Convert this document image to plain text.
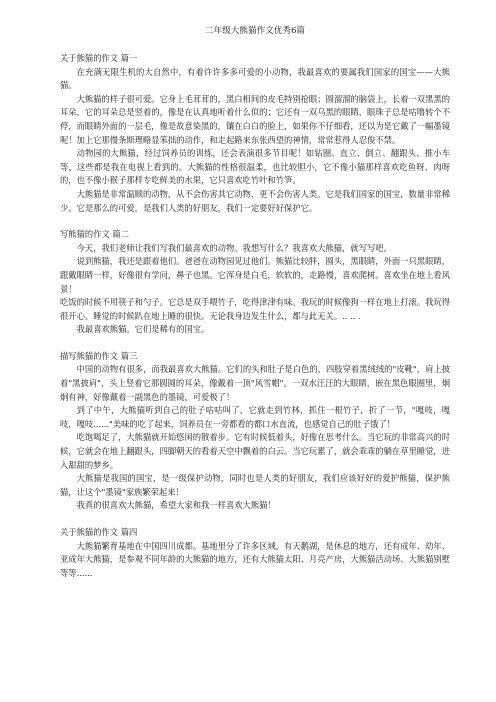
二年级大熊猫作文优秀6篇

关于熊猫的作文 篇一

在充满无限生机的大自然中，有着许许多多可爱的小动物，我最喜欢的要属我们国家的国宝——大熊猫。

大熊猫的样子很可爱。它身上毛茸茸的，黑白相间的皮毛特别抢眼；圆溜溜的脑袋上，长着一双黑黑的耳朵，它的耳朵总是竖着的，像是在认真地听着什么似的；它还有一双乌黑的眼睛，眼珠子总是咕噜转个不停，而眼睛外面的一层毛，像是故意染黑的，镶在白白的脸上，如果你不仔细看，还以为是它戴了一幅墨镜呢！加上它那慢条斯理略显笨拙的动作，和走起路来东张西望的神情，常常惹得人忍俊不禁。

动物园的大熊猫，经过饲养员的训练，还会表演很多节目呢！如钻圈、直立、倒立、翻跟头、推小车等，这些都是我在电视上看到的。大熊猫的性格很温柔，也比较胆小，它不像小猫那样喜欢吃鱼呀、肉呀的，也不像小猴子那样专吃鲜美的水果，它只喜欢吃竹叶和竹笋。

大熊猫是非常温顺的动物，从不会伤害其它动物，更不会伤害人类。它是我们国家的国宝，数量非常稀少。它是那么的可爱，是我们人类的好朋友，我们一定要好好保护它。

写熊猫的作文 篇二

今天，我们老师让我们写我们最喜欢的动物。我想写什么？我喜欢大熊猫，就写写吧。

说到熊猫，我还是跟着他们。爸爸在动物园见过他们。熊猫比较胖，圆头，黑眼睛，外面一只黑眼睛，跟戴眼睛一样，好像很有学问，鼻子也黑。它浑身是白毛，软软的，走路慢，喜欢爬树。喜欢坐在地上看风景！

吃饭的时候不用筷子和勺子。它总是双手喂竹子，吃得津津有味。我玩的时候像狗一样在地上打滚。我玩得很开心。睡觉的时候趴在地上睡的很快。无论我身边发生什么，都与此无关。.. .. .

我最喜欢熊猫。它们是稀有的国宝。

描写熊猫的作文 篇三

中国的动物有很多，而我最喜欢大熊猫。它们的头和肚子是白色的，四肢穿着黑绒绒的"皮靴"，肩上披着"黑披肩"，头上竖着它那圆圆的耳朵，像戴着一顶"风雪帽"。一双水汪汪的大眼睛，嵌在黑色眼圈里，炯炯有神，好像戴着一副黑色的墨镜，可爱极了！

到了中午，大熊猫听到自己的肚子咕咕叫了，它就走到竹林，抓住一根竹子，折了一节，"嘎吱，嘎吱，嘎吱......"美味的吃了起来，饲养员在一旁都看的都口水直流，也感觉自己的肚子饿了！

吃饱喝足了，大熊猫就开始悠闲的散着步。它有时候低着头，好像在思考什么。当它玩的非常高兴的时候，它就会在地上翻跟头，四脚朝天的看着天空中飘着的白云。当它玩累了，就会乖乖的躺在草里睡觉，进入甜甜的梦乡。

大熊猫是我国的国宝，是一级保护动物，同时也是人类的好朋友，我们应该好好的爱护熊猫，保护熊猫，让这个"墨镜"家族繁荣起来！

我真的很喜欢大熊猫，希望大家和我一样喜欢大熊猫！

关于熊猫的作文 篇四

大熊猫繁育基地在中国四川成都。基地里分了许多区域，有天鹅湖，是休息的地方，还有成年、幼年、亚成年大熊猫，是参观不同年龄的大熊猫的地方，还有大熊猫太阳、月亮产房，大熊猫活动场、大熊猫别墅等等......
